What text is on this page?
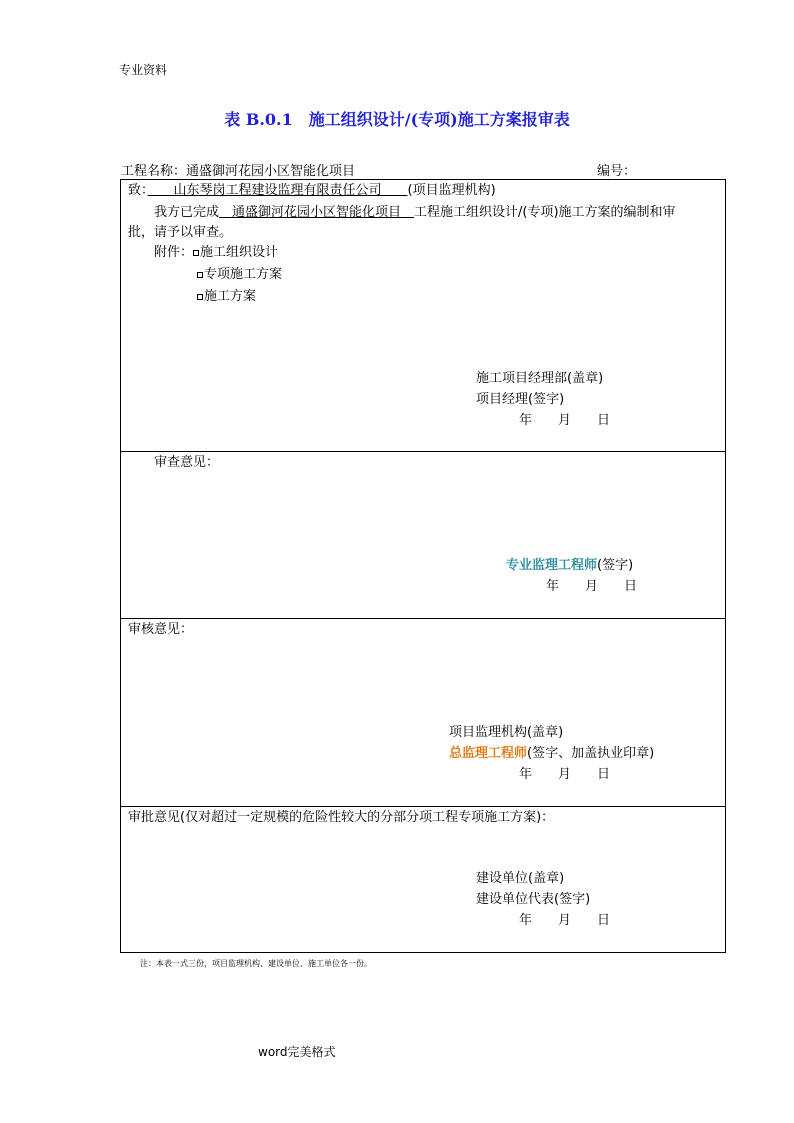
专业资料
表 B.0.1　施工组织设计/(专项)施工方案报审表
工程名称：通盛御河花园小区智能化项目	编号：
致：　　山东琴岗工程建设监理有限责任公司　　(项目监理机构)
我方已完成　通盛御河花园小区智能化项目　工程施工组织设计/(专项)施工方案的编制和审
批，请予以审查。
附件： 施工组织设计
专项施工方案
施工方案
施工项目经理部(盖章)
项目经理(签字)
年　　月　　日

审查意见：
专业监理工程师(签字)
年　　月　　日

审核意见：
项目监理机构(盖章)
总监理工程师(签字、加盖执业印章)
年　　月　　日

审批意见(仅对超过一定规模的危险性较大的分部分项工程专项施工方案)：
建设单位(盖章)
建设单位代表(签字)
年　　月　　日
注：本表一式三份，项目监理机构、建设单位、施工单位各一份。
word完美格式
